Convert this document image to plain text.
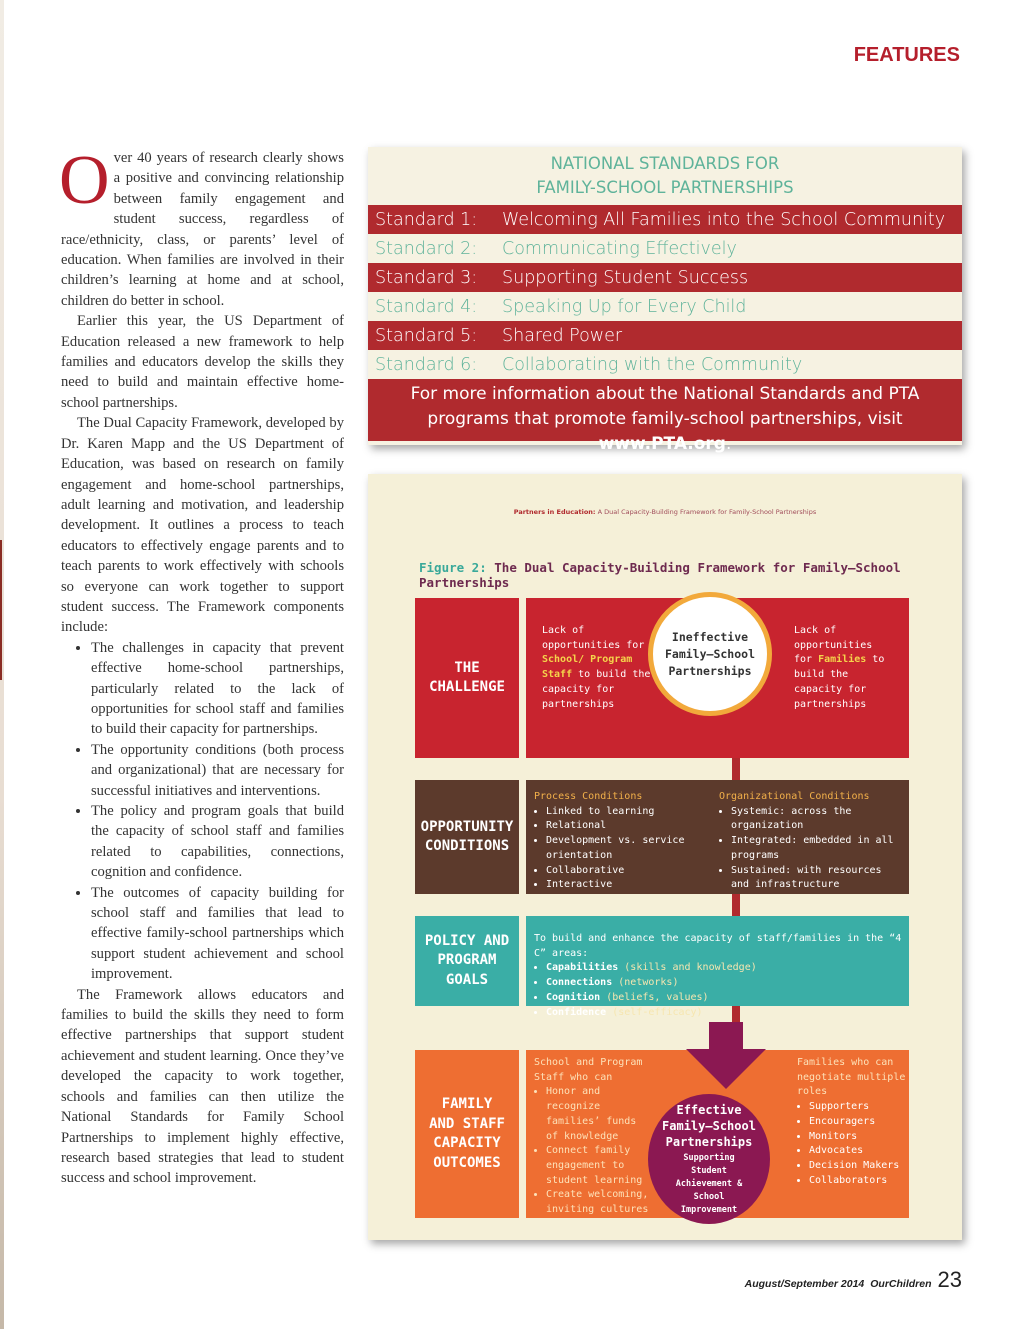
FEATURES

Over 40 years of research clearly shows a positive and convincing relationship between family engagement and student success, regardless of race/ethnicity, class, or parents’ level of education. When families are involved in their children’s learning at home and at school, children do better in school.

Earlier this year, the US Department of Education released a new framework to help families and educators develop the skills they need to build and maintain effective home-school partnerships.

The Dual Capacity Framework, developed by Dr. Karen Mapp and the US Department of Education, was based on research on family engagement and home-school partnerships, adult learning and motivation, and leadership development. It outlines a process to teach educators to effectively engage parents and to teach parents to work effectively with schools so everyone can work together to support student success. The Framework components include:

• The challenges in capacity that prevent effective home-school partnerships, particularly related to the lack of opportunities for school staff and families to build their capacity for partnerships.
• The opportunity conditions (both process and organizational) that are necessary for successful initiatives and interventions.
• The policy and program goals that build the capacity of school staff and families related to capabilities, connections, cognition and confidence.
• The outcomes of capacity building for school staff and families that lead to effective family-school partnerships which support student achievement and school improvement.

The Framework allows educators and families to build the skills they need to form effective partnerships that support student achievement and student learning. Once they’ve developed the capacity to work together, schools and families can then utilize the National Standards for Family School Partnerships to implement highly effective, research based strategies that lead to student success and school improvement.

NATIONAL STANDARDS FOR
FAMILY-SCHOOL PARTNERSHIPS
Standard 1:	Welcoming All Families into the School Community
Standard 2:	Communicating Effectively
Standard 3:	Supporting Student Success
Standard 4:	Speaking Up for Every Child
Standard 5:	Shared Power
Standard 6:	Collaborating with the Community
For more information about the National Standards and PTA programs that promote family-school partnerships, visit www.PTA.org.
Partners in Education: A Dual Capacity-Building Framework for Family-School Partnerships
Figure 2: The Dual Capacity-Building Framework for Family–School Partnerships
THE
CHALLENGE
Lack of opportunities for School/ Program Staff to build the capacity for partnerships
Lack of opportunities for Families to build the capacity for partnerships
Ineffective
Family–School
Partnerships
OPPORTUNITY
CONDITIONS
Process Conditions
• Linked to learning
• Relational
• Development vs. service orientation
• Collaborative
• Interactive
Organizational Conditions
• Systemic: across the organization
• Integrated: embedded in all programs
• Sustained: with resources and infrastructure
POLICY AND
PROGRAM
GOALS
To build and enhance the capacity of staff/families in the “4 C” areas:
• Capabilities (skills and knowledge)
• Connections (networks)
• Cognition (beliefs, values)
• Confidence (self-efficacy)
FAMILY
AND STAFF
CAPACITY
OUTCOMES
School and Program Staff who can
• Honor and recognize families’ funds of knowledge
• Connect family engagement to student learning
• Create welcoming, inviting cultures
Families who can negotiate multiple roles
• Supporters
• Encouragers
• Monitors
• Advocates
• Decision Makers
• Collaborators
Effective
Family–School
Partnerships
Supporting Student Achievement & School Improvement
August/September 2014 OurChildren 23
